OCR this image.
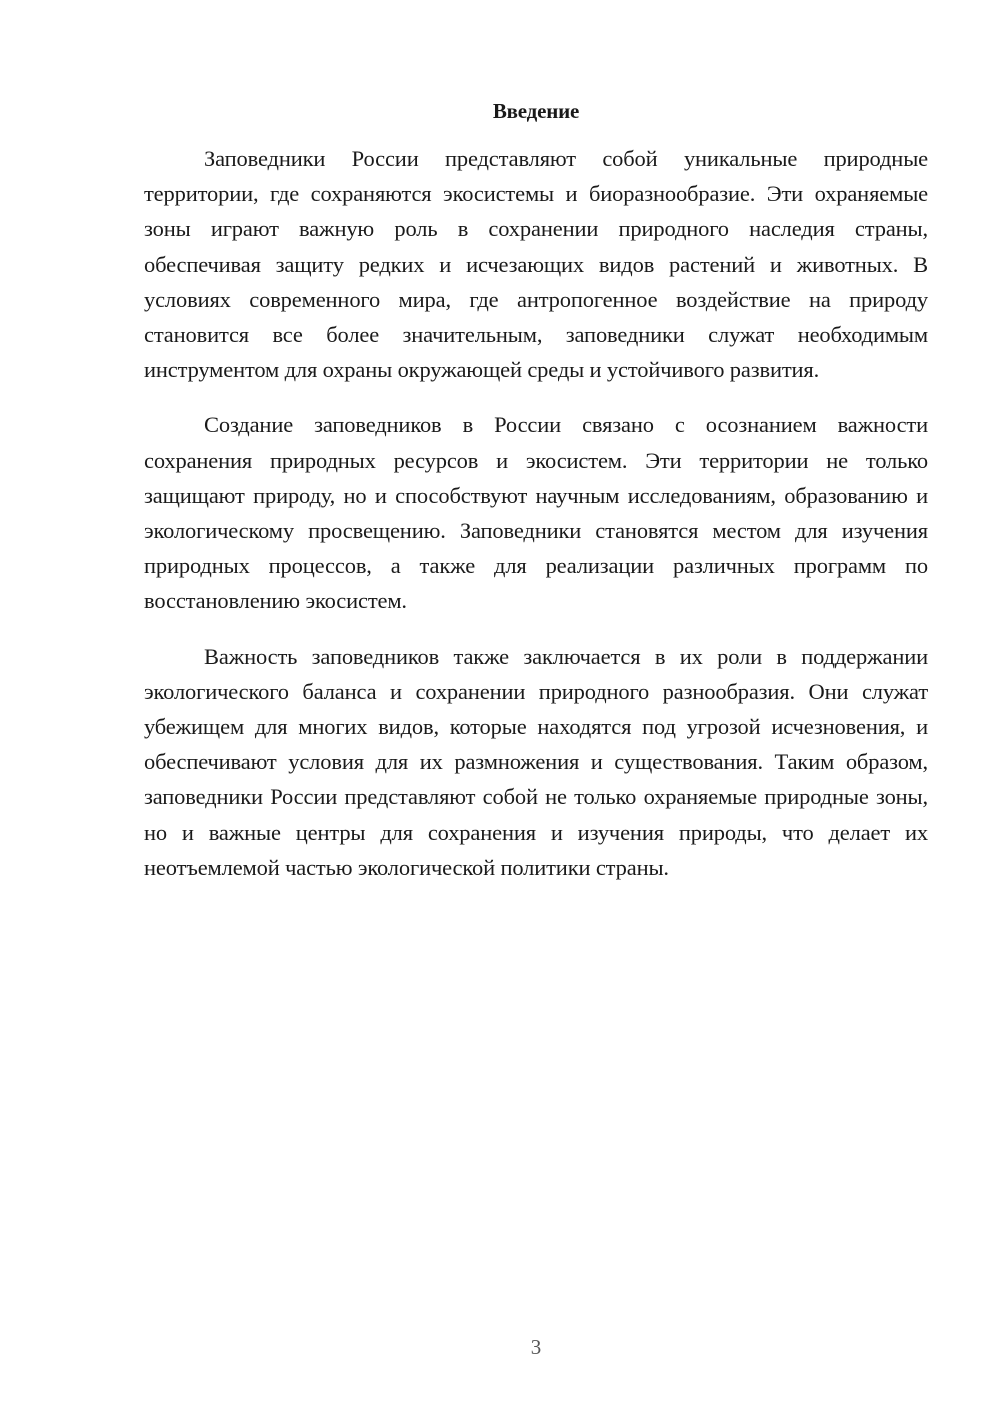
Введение

Заповедники России представляют собой уникальные природные территории, где сохраняются экосистемы и биоразнообразие. Эти охраняемые зоны играют важную роль в сохранении природного наследия страны, обеспечивая защиту редких и исчезающих видов растений и животных. В условиях современного мира, где антропогенное воздействие на природу становится все более значительным, заповедники служат необходимым инструментом для охраны окружающей среды и устойчивого развития.

Создание заповедников в России связано с осознанием важности сохранения природных ресурсов и экосистем. Эти территории не только защищают природу, но и способствуют научным исследованиям, образованию и экологическому просвещению. Заповедники становятся местом для изучения природных процессов, а также для реализации различных программ по восстановлению экосистем.

Важность заповедников также заключается в их роли в поддержании экологического баланса и сохранении природного разнообразия. Они служат убежищем для многих видов, которые находятся под угрозой исчезновения, и обеспечивают условия для их размножения и существования. Таким образом, заповедники России представляют собой не только охраняемые природные зоны, но и важные центры для сохранения и изучения природы, что делает их неотъемлемой частью экологической политики страны.

3
